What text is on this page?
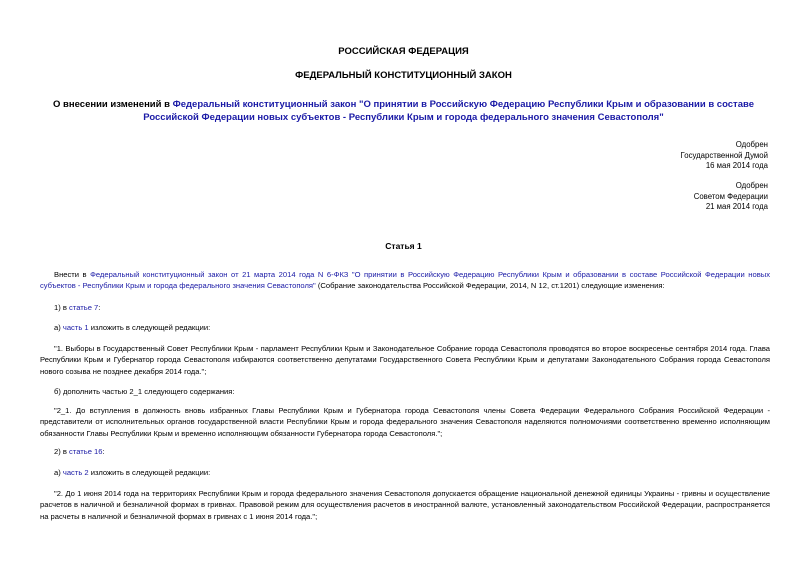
РОССИЙСКАЯ ФЕДЕРАЦИЯ
ФЕДЕРАЛЬНЫЙ КОНСТИТУЦИОННЫЙ ЗАКОН
О внесении изменений в Федеральный конституционный закон "О принятии в Российскую Федерацию Республики Крым и образовании в составе Российской Федерации новых субъектов - Республики Крым и города федерального значения Севастополя"
Одобрен
Государственной Думой
16 мая 2014 года
Одобрен
Советом Федерации
21 мая 2014 года
Статья 1
Внести в Федеральный конституционный закон от 21 марта 2014 года N 6-ФКЗ "О принятии в Российскую Федерацию Республики Крым и образовании в составе Российской Федерации новых субъектов - Республики Крым и города федерального значения Севастополя" (Собрание законодательства Российской Федерации, 2014, N 12, ст.1201) следующие изменения:
1) в статье 7:
а) часть 1 изложить в следующей редакции:
"1. Выборы в Государственный Совет Республики Крым - парламент Республики Крым и Законодательное Собрание города Севастополя проводятся во второе воскресенье сентября 2014 года. Глава Республики Крым и Губернатор города Севастополя избираются соответственно депутатами Государственного Совета Республики Крым и депутатами Законодательного Собрания города Севастополя нового созыва не позднее декабря 2014 года.";
б) дополнить частью 2_1 следующего содержания:
"2_1. До вступления в должность вновь избранных Главы Республики Крым и Губернатора города Севастополя члены Совета Федерации Федерального Собрания Российской Федерации - представители от исполнительных органов государственной власти Республики Крым и города федерального значения Севастополя наделяются полномочиями соответственно временно исполняющим обязанности Главы Республики Крым и временно исполняющим обязанности Губернатора города Севастополя.";
2) в статье 16:
а) часть 2 изложить в следующей редакции:
"2. До 1 июня 2014 года на территориях Республики Крым и города федерального значения Севастополя допускается обращение национальной денежной единицы Украины - гривны и осуществление расчетов в наличной и безналичной формах в гривнах. Правовой режим для осуществления расчетов в иностранной валюте, установленный законодательством Российской Федерации, распространяется на расчеты в наличной и безналичной формах в гривнах с 1 июня 2014 года.";
